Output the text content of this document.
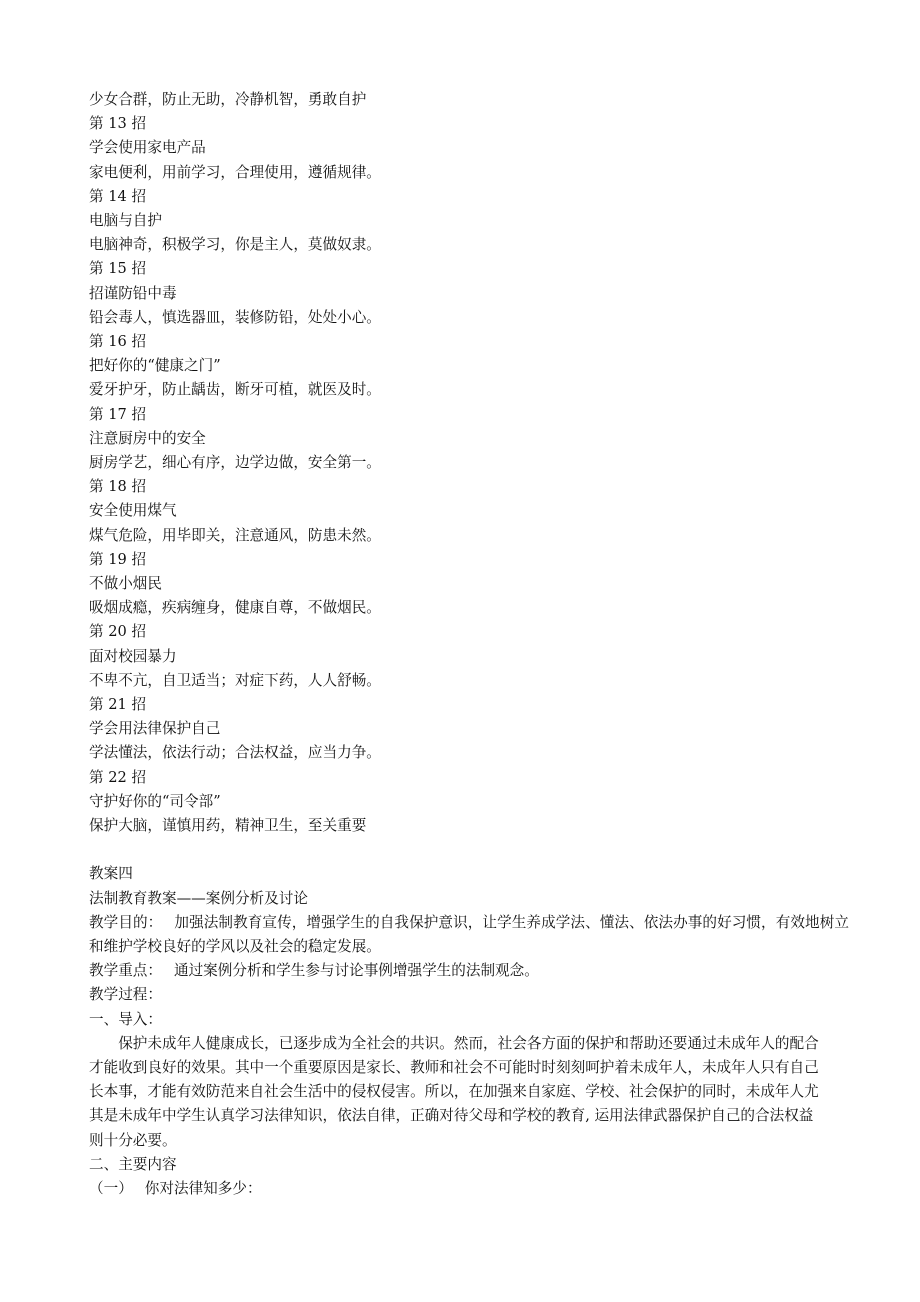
少女合群，防止无助，冷静机智，勇敢自护

第 13 招

学会使用家电产品

家电便利，用前学习，合理使用，遵循规律。

第 14 招

电脑与自护

电脑神奇，积极学习，你是主人，莫做奴隶。

第 15 招

招谨防铅中毒

铅会毒人，慎选器皿，装修防铅，处处小心。

第 16 招

把好你的“健康之门”

爱牙护牙，防止龋齿，断牙可植，就医及时。

第 17 招

注意厨房中的安全

厨房学艺，细心有序，边学边做，安全第一。

第 18 招

安全使用煤气

煤气危险，用毕即关，注意通风，防患未然。

第 19 招

不做小烟民

吸烟成瘾，疾病缠身，健康自尊，不做烟民。

第 20 招

面对校园暴力

不卑不亢，自卫适当；对症下药，人人舒畅。

第 21 招

学会用法律保护自己

学法懂法，依法行动；合法权益，应当力争。

第 22 招

守护好你的“司令部”

保护大脑，谨慎用药，精神卫生，至关重要

教案四

法制教育教案——案例分析及讨论

教学目的： 加强法制教育宣传，增强学生的自我保护意识，让学生养成学法、懂法、依法办事的好习惯，有效地树立和维护学校良好的学风以及社会的稳定发展。

教学重点： 通过案例分析和学生参与讨论事例增强学生的法制观念。

教学过程：

一、导入：

保护未成年人健康成长，已逐步成为全社会的共识。然而，社会各方面的保护和帮助还要通过未成年人的配合才能收到良好的效果。其中一个重要原因是家长、教师和社会不可能时时刻刻呵护着未成年人，未成年人只有自己长本事，才能有效防范来自社会生活中的侵权侵害。所以，在加强来自家庭、学校、社会保护的同时，未成年人尤其是未成年中学生认真学习法律知识，依法自律，正确对待父母和学校的教育, 运用法律武器保护自己的合法权益则十分必要。

二、主要内容

（一） 你对法律知多少：
